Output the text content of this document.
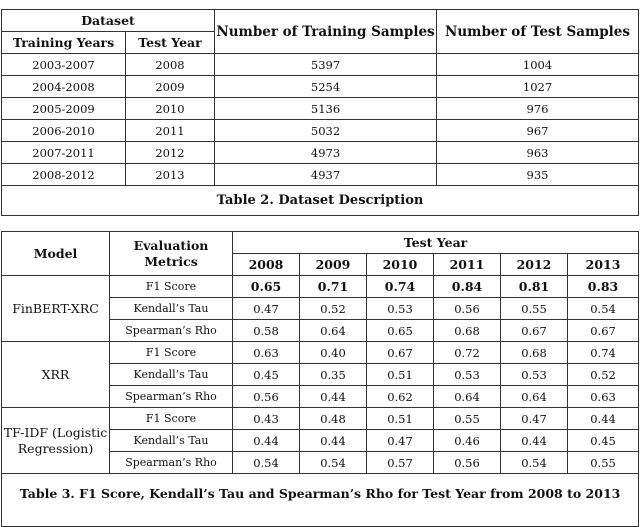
Dataset		Number of Training Samples	Number of Test Samples
Training Years	Test Year		
2003-2007	2008	5397	1004
2004-2008	2009	5254	1027
2005-2009	2010	5136	976
2006-2010	2011	5032	967
2007-2011	2012	4973	963
2008-2012	2013	4937	935
Table 2. Dataset Description			
Model	Evaluation Metrics	Test Year					
		2008	2009	2010	2011	2012	2013
FinBERT-XRC	F1 Score	0.65	0.71	0.74	0.84	0.81	0.83
	Kendall’s Tau	0.47	0.52	0.53	0.56	0.55	0.54
	Spearman’s Rho	0.58	0.64	0.65	0.68	0.67	0.67
XRR	F1 Score	0.63	0.40	0.67	0.72	0.68	0.74
	Kendall’s Tau	0.45	0.35	0.51	0.53	0.53	0.52
	Spearman’s Rho	0.56	0.44	0.62	0.64	0.64	0.63
TF-IDF (Logistic Regression)	F1 Score	0.43	0.48	0.51	0.55	0.47	0.44
	Kendall’s Tau	0.44	0.44	0.47	0.46	0.44	0.45
	Spearman’s Rho	0.54	0.54	0.57	0.56	0.54	0.55
Table 3. F1 Score, Kendall’s Tau and Spearman’s Rho for Test Year from 2008 to 2013							
